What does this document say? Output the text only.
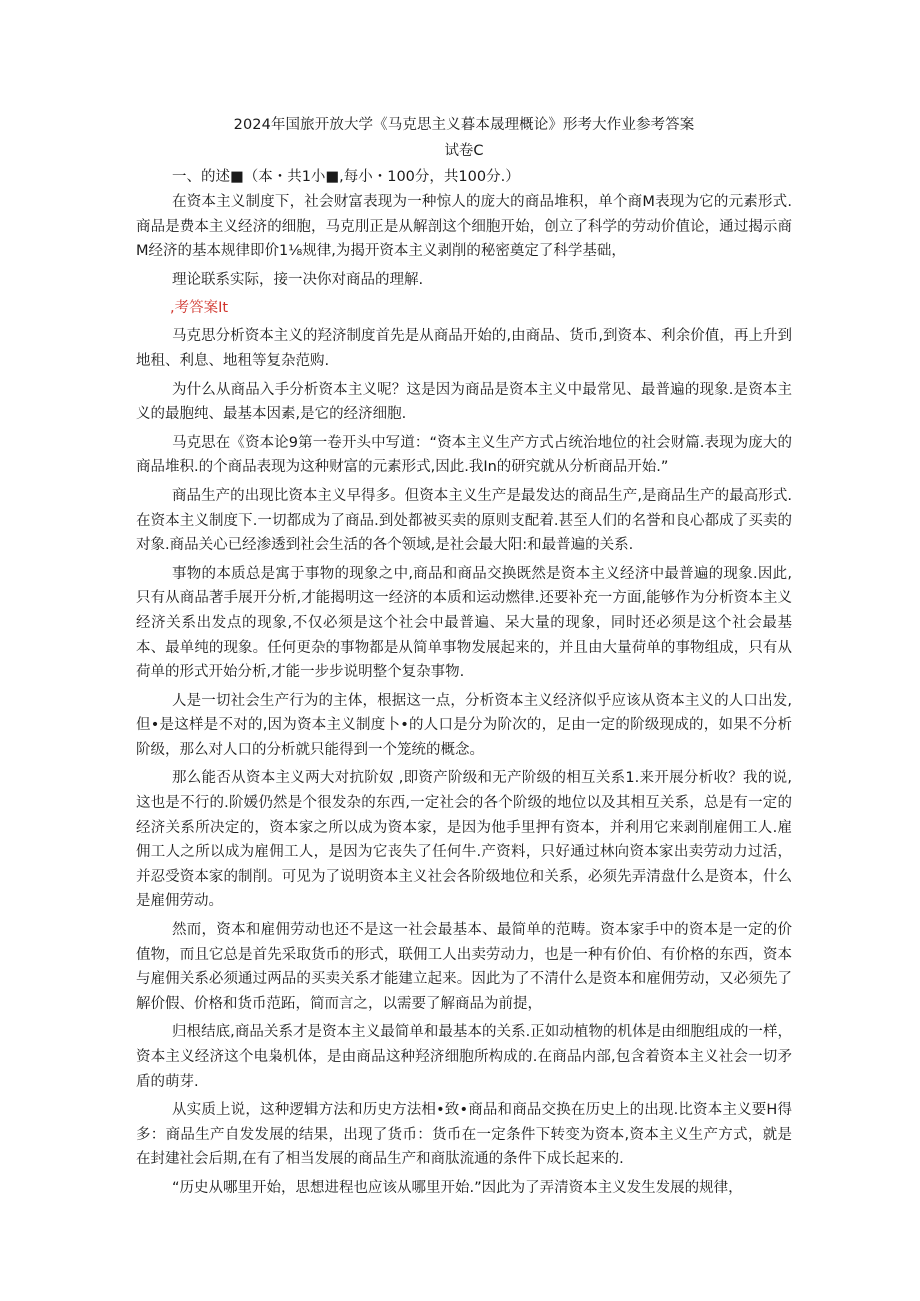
2024年国旅开放大学《马克思主义暮本晟理概论》形考大作业参考答案

试卷C

一、的述■（本・共1小■,每小・100分，共100分.）

在资本主义制度下，社会财富表现为一种惊人的庞大的商品堆积，单个商M表现为它的元素形式.商品是费本主义经济的细胞，马克刖正是从解剖这个细胞开始，创立了科学的劳动价值论，通过揭示商M经济的基本规律即价1⅛规律,为揭开资本主义剥削的秘密奠定了科学基础，

理论联系实际，接一决你对商品的理解.

,考答案It

马克思分析资本主义的羟济制度首先是从商品开始的,由商品、货币,到资本、利余价值，再上升到地租、利息、地租等复杂范购.

为什么从商品入手分析资本主义呢？这是因为商品是资本主义中最常见、最普遍的现象.是资本主义的最胞纯、最基本因素,是它的经济细胞.

马克思在《资本论9第一卷开头中写道：“资本主义生产方式占统治地位的社会财篇.表现为庞大的商品堆积.的个商品表现为这种财富的元素形式,因此.我In的研究就从分析商品开始.”

商品生产的出现比资本主义早得多。但资本主义生产是最发达的商品生产,是商品生产的最高形式.在资本主义制度下.一切都成为了商品.到处都被买卖的原则支配着.甚至人们的名誉和良心都成了买卖的对象.商品关心已经渗透到社会生活的各个领域,是社会最大阳:和最普遍的关系.

事物的本质总是寓于事物的现象之中,商品和商品交换既然是资本主义经济中最普遍的现象.因此,只有从商品著手展开分析,才能揭明这一经济的本质和运动燃律.还要补充一方面,能够作为分析资本主义经济关系出发点的现象,不仅必须是这个社会中最普遍、呆大量的现象，同时还必须是这个社会最基本、最单纯的现象。任何更杂的事物都是从简单事物发展起来的，并且由大量荷单的事物组成，只有从荷单的形式开始分析,才能一步步说明整个复杂事物.

人是一切社会生产行为的主体，根据这一点，分析资本主义经济似乎应该从资本主义的人口出发,但•是这样是不对的,因为资本主义制度卜•的人口是分为阶次的，足由一定的阶级现成的，如果不分析阶级，那么对人口的分析就只能得到一个笼统的概念。

那么能否从资本主义两大对抗阶奴 ,即资产阶级和无产阶级的相互关系1.来开展分析收？我的说,这也是不行的.阶媛仍然是个很发杂的东西,一定社会的各个阶级的地位以及其相互关系，总是有一定的经济关系所决定的，资本家之所以成为资本家，是因为他手里押有资本，并利用它来剥削雇佣工人.雇佣工人之所以成为雇佣工人，是因为它丧失了任何牛.产资料，只好通过林向资本家出卖劳动力过活，并忍受资本家的制削。可见为了说明资本主义社会各阶级地位和关系，必须先弄清盘什么是资本，什么是雇佣劳动。

然而，资本和雇佣劳动也还不是这一社会最基本、最简单的范畴。资本家手中的资本是一定的价值物，而且它总是首先采取货币的形式，联佣工人出卖劳动力，也是一种有价伯、有价格的东西，资本与雇佣关系必须通过两品的买卖关系才能建立起来。因此为了不清什么是资本和雇佣劳动，又必须先了解价假、价格和货币范跖，简而言之，以需要了解商品为前提，

归根结底,商品关系才是资本主义最简单和最基本的关系.正如动植物的机体是由细胞组成的一样，资本主义经济这个电枭机体，是由商品这种羟济细胞所构成的.在商品内部,包含着资本主义社会一切矛盾的萌芽.

从实质上说，这种逻辑方法和历史方法相•致•商品和商品交换在历史上的出现.比资本主义要H得多：商品生产自发发展的结果，出现了货币：货币在一定条件下转变为资本,资本主义生产方式，就是在封建社会后期,在有了相当发展的商品生产和商肽流通的条件下成长起来的.

“历史从哪里开始，思想进程也应该从哪里开始.”因此为了弄清资本主义发生发展的规律，
